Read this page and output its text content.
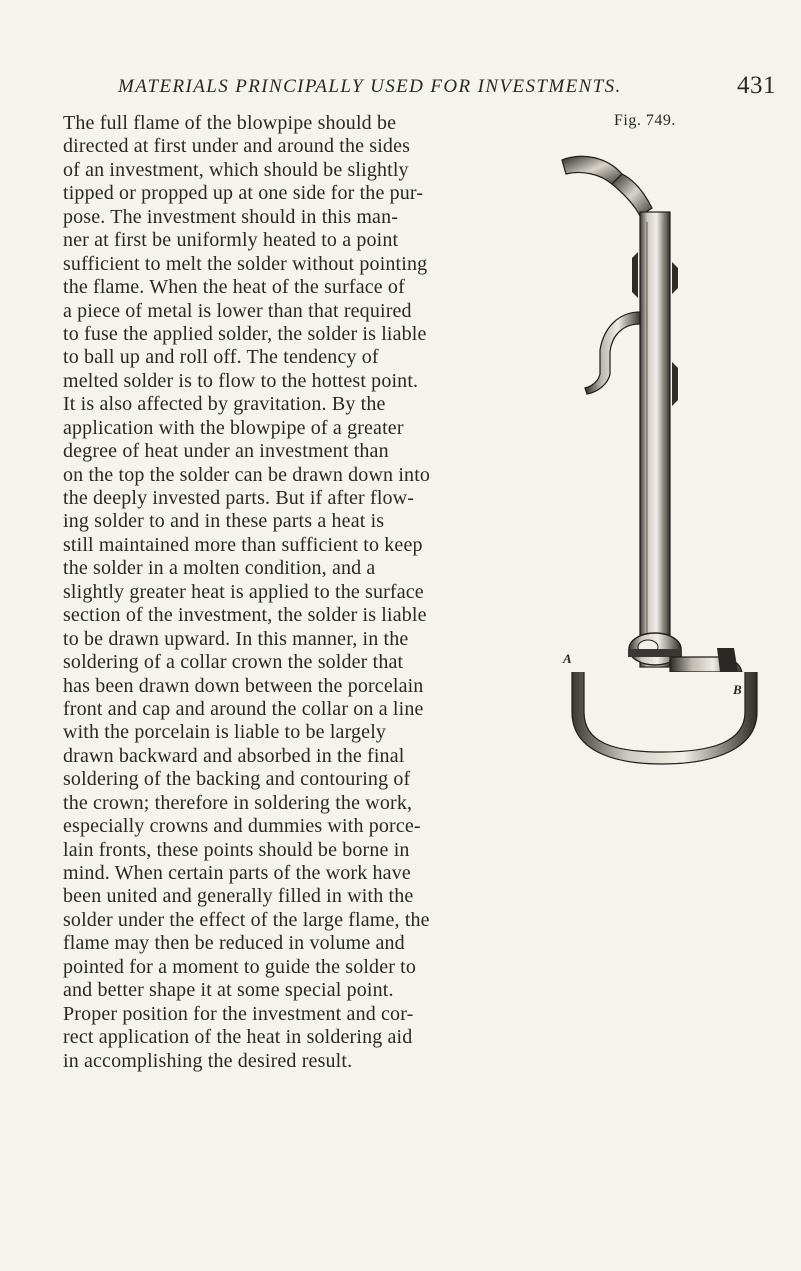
MATERIALS PRINCIPALLY USED FOR INVESTMENTS.	431
The full flame of the blowpipe should be
directed at first under and around the sides
of an investment, which should be slightly
tipped or propped up at one side for the pur-
pose. The investment should in this man-
ner at first be uniformly heated to a point
sufficient to melt the solder without pointing
the flame. When the heat of the surface of
a piece of metal is lower than that required
to fuse the applied solder, the solder is liable
to ball up and roll off. The tendency of
melted solder is to flow to the hottest point.
It is also affected by gravitation. By the
application with the blowpipe of a greater
degree of heat under an investment than
on the top the solder can be drawn down into
the deeply invested parts. But if after flow-
ing solder to and in these parts a heat is
still maintained more than sufficient to keep
the solder in a molten condition, and a
slightly greater heat is applied to the surface
section of the investment, the solder is liable
to be drawn upward. In this manner, in the
soldering of a collar crown the solder that
has been drawn down between the porcelain
front and cap and around the collar on a line
with the porcelain is liable to be largely
drawn backward and absorbed in the final
soldering of the backing and contouring of
the crown; therefore in soldering the work,
especially crowns and dummies with porce-
lain fronts, these points should be borne in
mind. When certain parts of the work have
been united and generally filled in with the
solder under the effect of the large flame, the
flame may then be reduced in volume and
pointed for a moment to guide the solder to
and better shape it at some special point.
Proper position for the investment and cor-
rect application of the heat in soldering aid
in accomplishing the desired result.
Fig. 749.
A
B
